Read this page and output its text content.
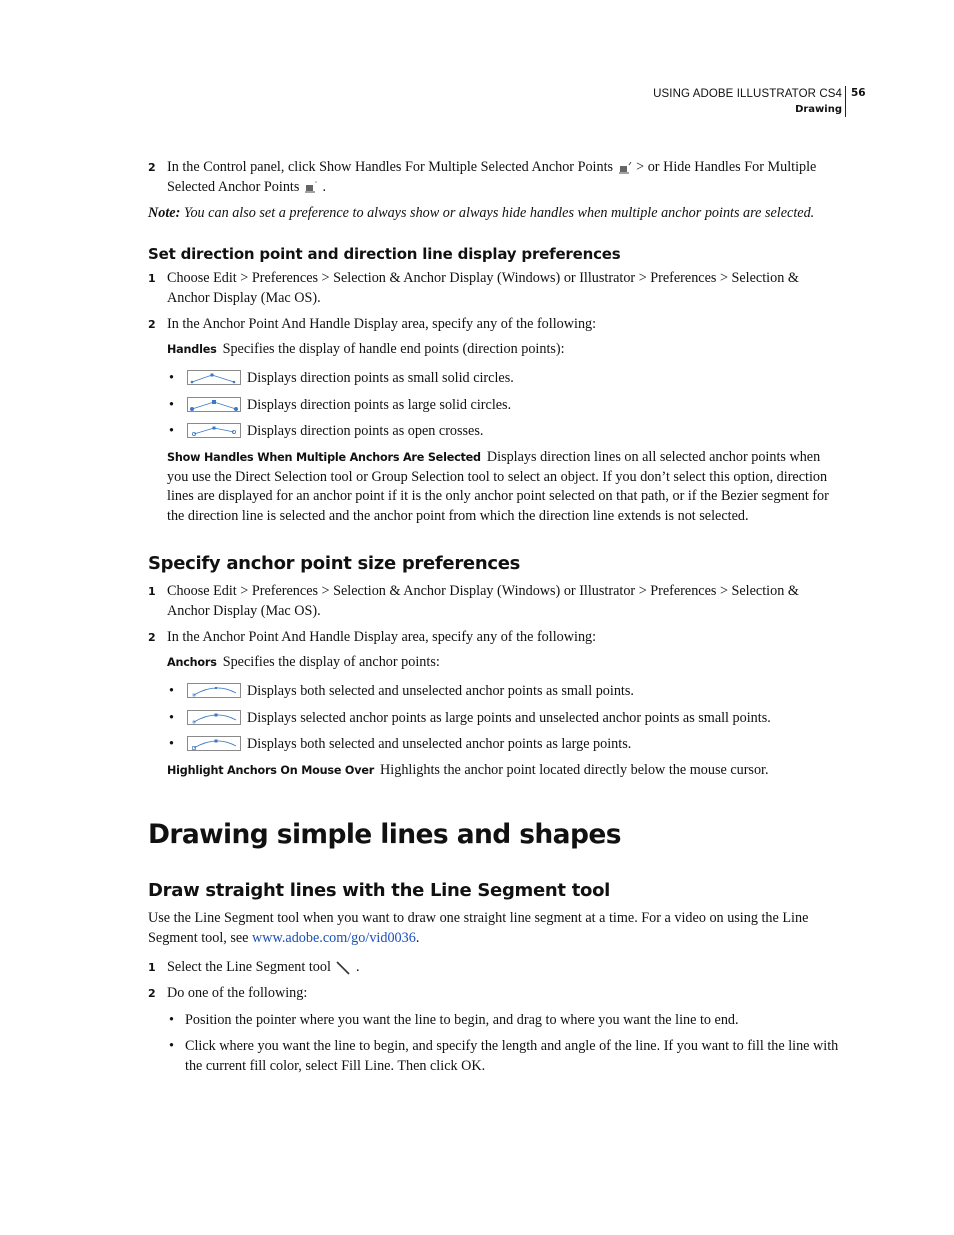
USING ADOBE ILLUSTRATOR CS4
Drawing
56
2 In the Control panel, click Show Handles For Multiple Selected Anchor Points > or Hide Handles For Multiple Selected Anchor Points .
Note: You can also set a preference to always show or always hide handles when multiple anchor points are selected.
Set direction point and direction line display preferences
1 Choose Edit > Preferences > Selection & Anchor Display (Windows) or Illustrator > Preferences > Selection & Anchor Display (Mac OS).
2 In the Anchor Point And Handle Display area, specify any of the following:
Handles Specifies the display of handle end points (direction points):
•	Displays direction points as small solid circles.
•	Displays direction points as large solid circles.
•	Displays direction points as open crosses.
Show Handles When Multiple Anchors Are Selected Displays direction lines on all selected anchor points when you use the Direct Selection tool or Group Selection tool to select an object. If you don’t select this option, direction lines are displayed for an anchor point if it is the only anchor point selected on that path, or if the Bezier segment for the direction line is selected and the anchor point from which the direction line extends is not selected.
Specify anchor point size preferences
1 Choose Edit > Preferences > Selection & Anchor Display (Windows) or Illustrator > Preferences > Selection & Anchor Display (Mac OS).
2 In the Anchor Point And Handle Display area, specify any of the following:
Anchors Specifies the display of anchor points:
•	Displays both selected and unselected anchor points as small points.
•	Displays selected anchor points as large points and unselected anchor points as small points.
•	Displays both selected and unselected anchor points as large points.
Highlight Anchors On Mouse Over Highlights the anchor point located directly below the mouse cursor.
Drawing simple lines and shapes
Draw straight lines with the Line Segment tool
Use the Line Segment tool when you want to draw one straight line segment at a time. For a video on using the Line Segment tool, see www.adobe.com/go/vid0036.
1 Select the Line Segment tool .
2 Do one of the following:
• Position the pointer where you want the line to begin, and drag to where you want the line to end.
• Click where you want the line to begin, and specify the length and angle of the line. If you want to fill the line with the current fill color, select Fill Line. Then click OK.
